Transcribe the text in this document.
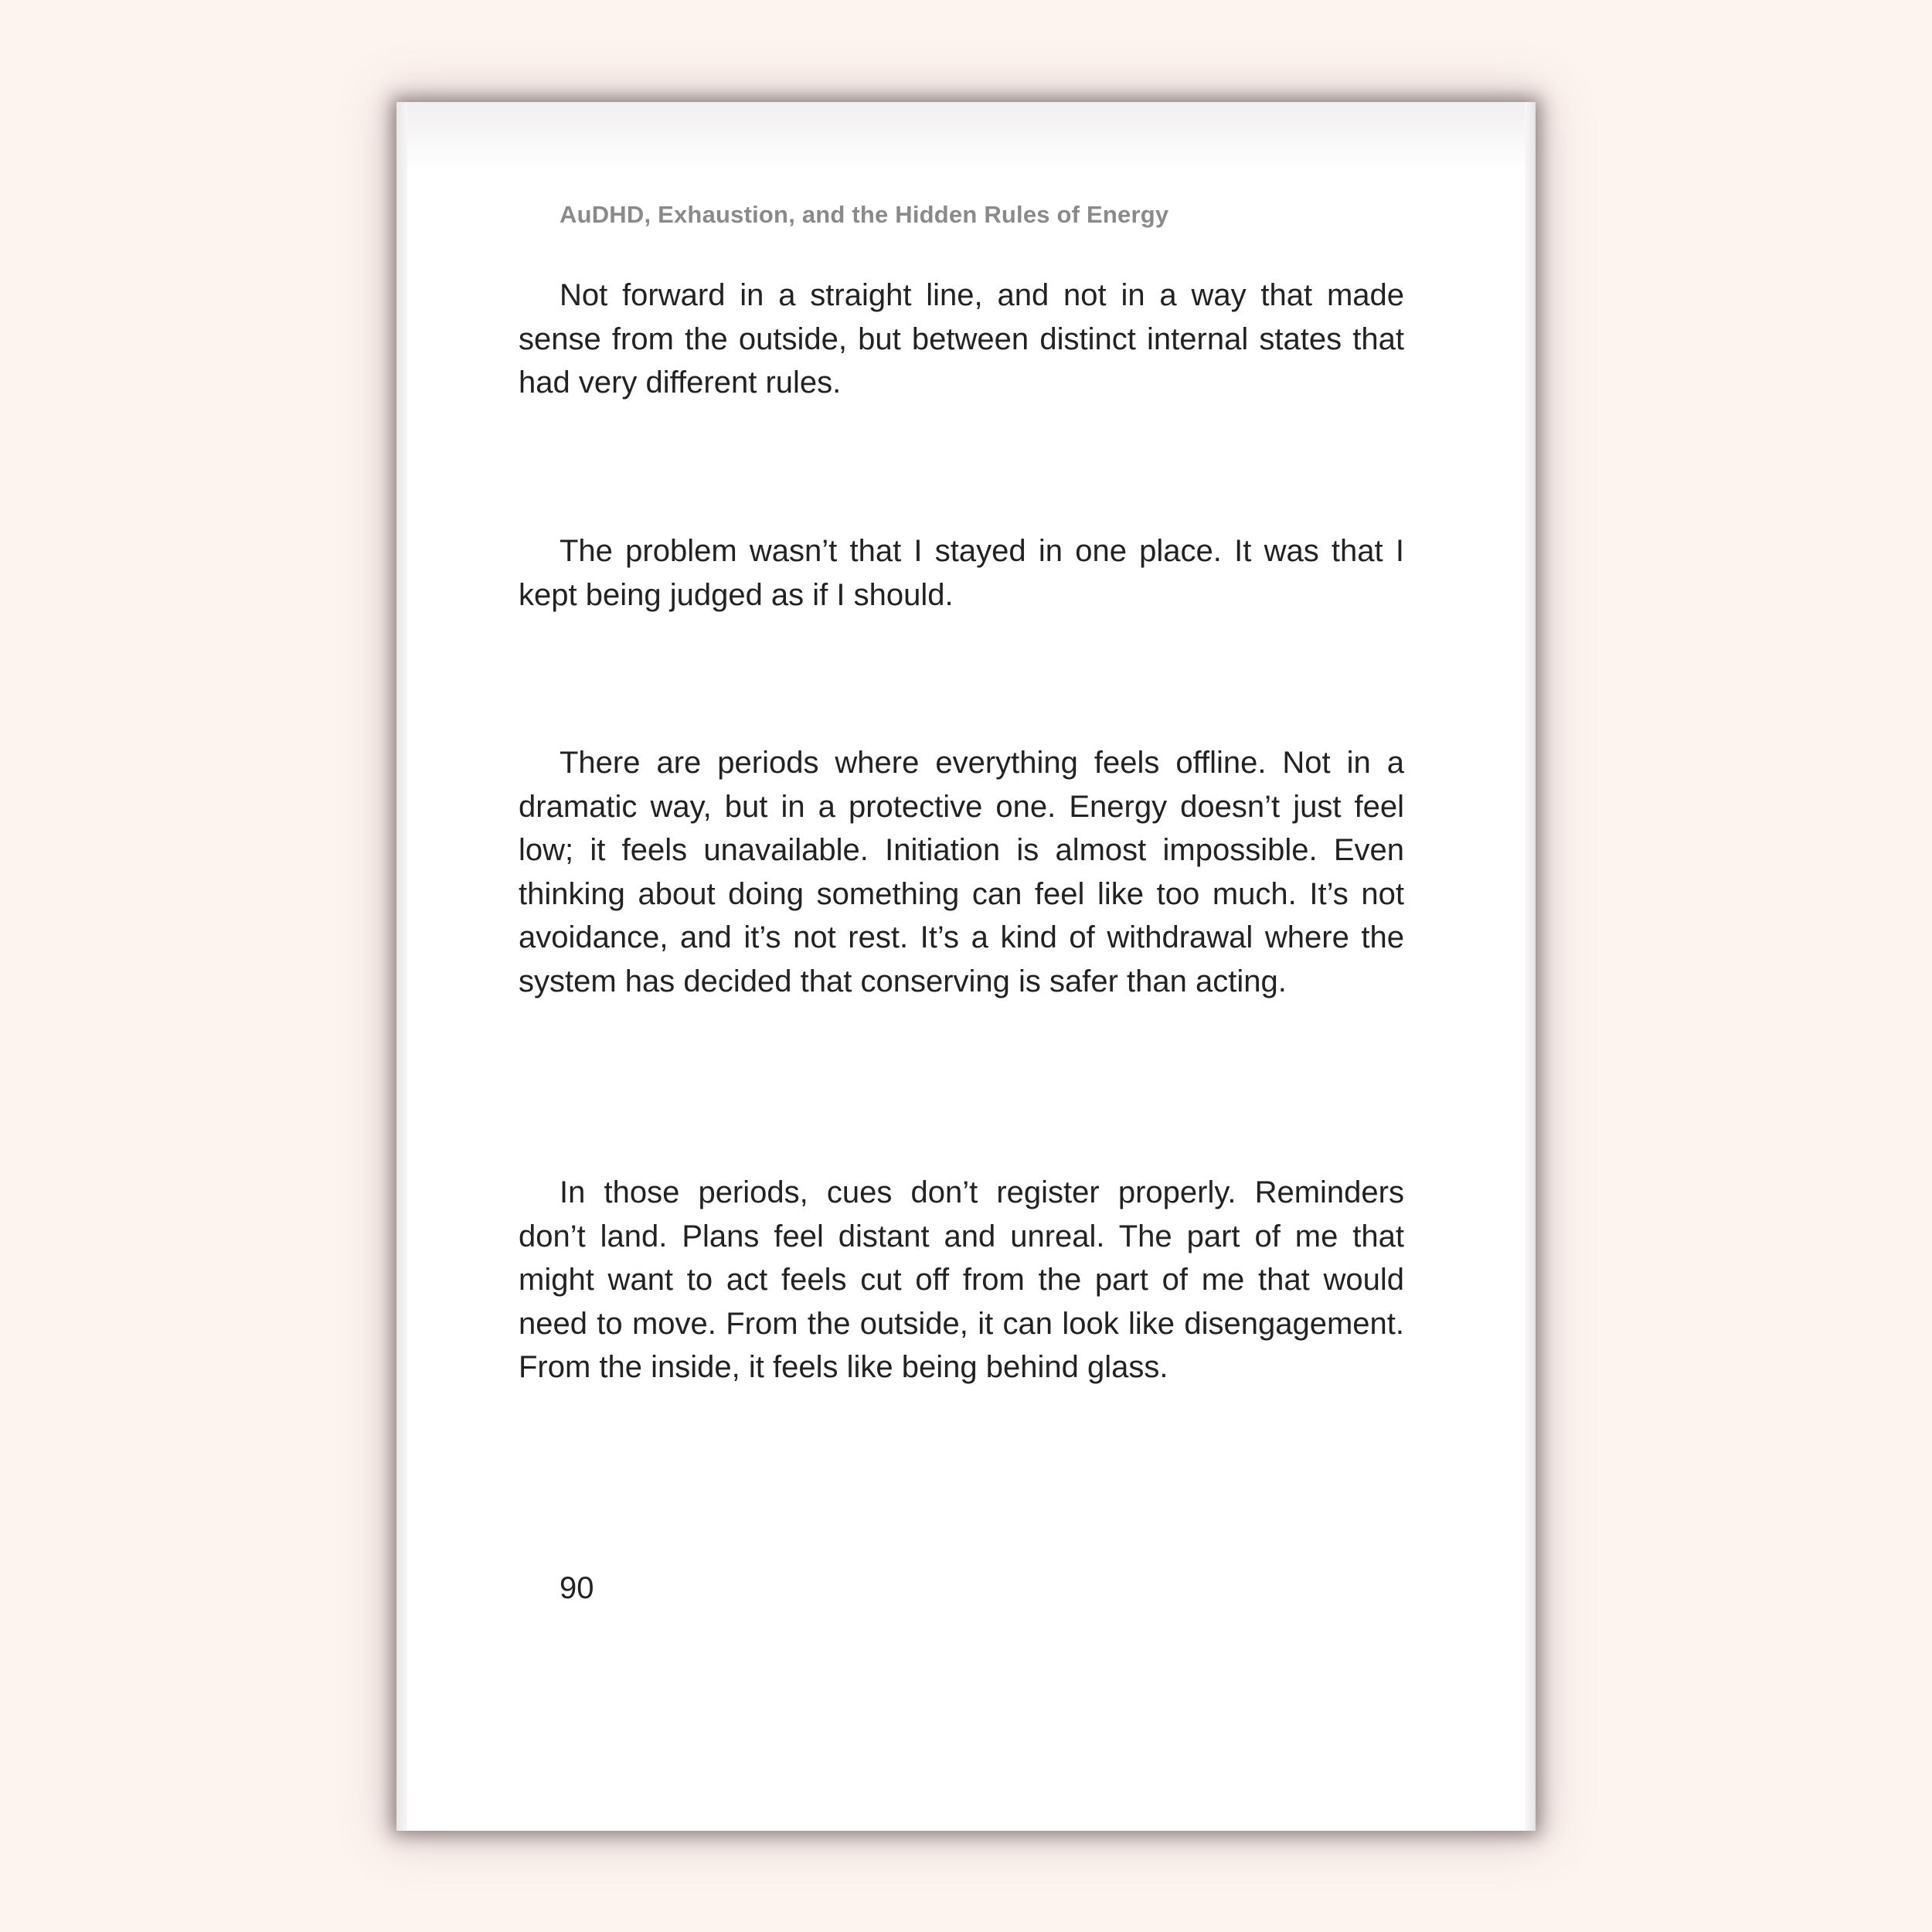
AuDHD, Exhaustion, and the Hidden Rules of Energy

Not forward in a straight line, and not in a way that made sense from the outside, but between distinct internal states that had very different rules.

The problem wasn’t that I stayed in one place. It was that I kept being judged as if I should.

There are periods where everything feels offline. Not in a dramatic way, but in a protective one. Energy doesn’t just feel low; it feels unavailable. Initiation is almost impossible. Even thinking about doing something can feel like too much. It’s not avoidance, and it’s not rest. It’s a kind of withdrawal where the system has decided that conserving is safer than acting.

In those periods, cues don’t register properly. Reminders don’t land. Plans feel distant and unreal. The part of me that might want to act feels cut off from the part of me that would need to move. From the outside, it can look like disengagement. From the inside, it feels like being behind glass.

90
